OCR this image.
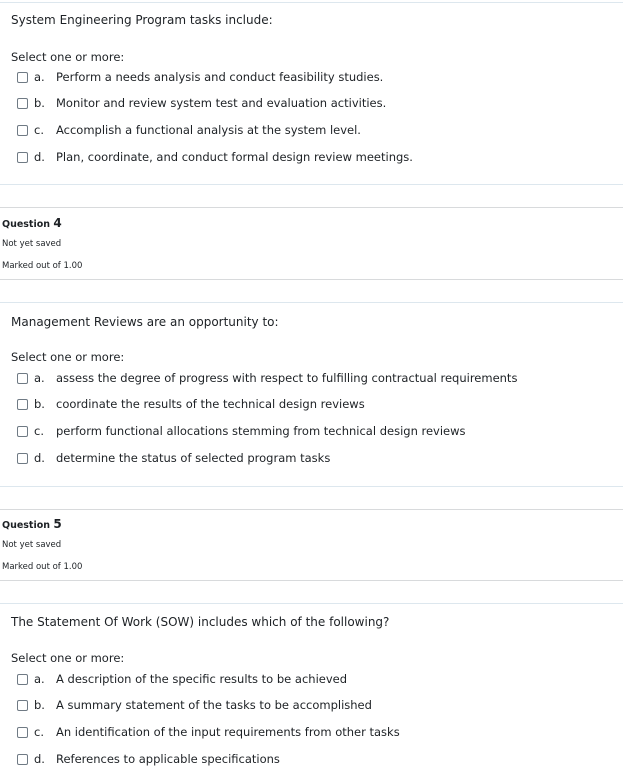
System Engineering Program tasks include:
Select one or more:
a. Perform a needs analysis and conduct feasibility studies.
b. Monitor and review system test and evaluation activities.
c.	Accomplish a functional analysis at the system level.
d. Plan, coordinate, and conduct formal design review meetings.
Question 4
Not yet saved
Marked out of 1.00
Management Reviews are an opportunity to:
Select one or more:
a. assess the degree of progress with respect to fulfilling contractual requirements
b. coordinate the results of the technical design reviews
c.	perform functional allocations stemming from technical design reviews
d. determine the status of selected program tasks
Question 5
Not yet saved
Marked out of 1.00
The Statement Of Work (SOW) includes which of the following?
Select one or more:
a. A description of the specific results to be achieved
b. A summary statement of the tasks to be accomplished
c.	An identification of the input requirements from other tasks
d. References to applicable specifications
